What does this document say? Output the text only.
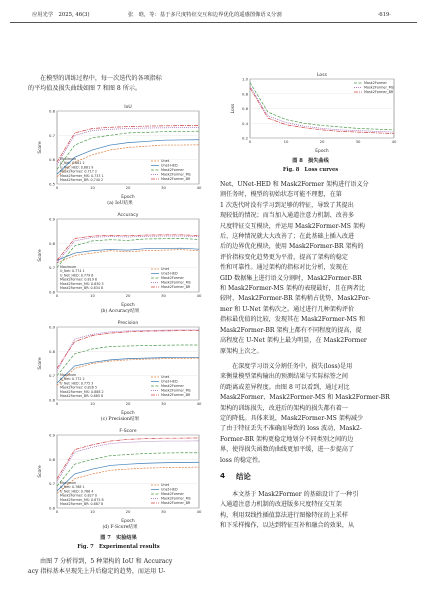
应用光学　2025, 46(3)	张　晗，等：基于多尺度特征交互和边界优化的遥感图像语义分割	·619·

在模型的训练过程中，每一次迭代的各项指标

的平均值及损失曲线如图 7 和图 8 所示。

IoU
0.5
0.6
0.7
0.8
0	10	20	30	40
Epoch
Score
Maximum
U_Net: 0.661 2
U_Net_HED: 0.681 9
Mask2Former: 0.717 2
Mask2Former_MS: 0.733 1
Mask2Former_BR: 0.740 2
Unet
Unet-HED
Mask2Former
Mask2Former_MS
Mask2Former_BR
(a) IoU结果
Accuracy
0.6
0.7
0.8
0.9
0	10	20	30	40
Epoch
Score
Maximum
U_Net: 0.774 1
U_Net_HED: 0.779 8
Mask2Former: 0.819 8
Mask2Former_MS: 0.830 3
Mask2Former_BR: 0.834 8
Unet
Unet-HED
Mask2Former
Mask2Former_MS
Mask2Former_BR
(b) Accuracy结果
Precision
0.6
0.7
0.8
0.9
0	10	20	30	40
Epoch
Score
Maximum
U_Net: 0.772 2
U_Net_HED: 0.775 3
Mask2Former: 0.826 5
Mask2Former_MS: 0.888 2
Mask2Former_BR: 0.885 8
Unet
Unet-HED
Mask2Former
Mask2Former_MS
Mask2Former_BR
(c) Precision结果
F-Score
0.6
0.7
0.8
0.9
0	10	20	30	40
Epoch
Score
Maximum
U_Net: 0.768 1
U_Net_HED: 0.788 4
Mask2Former: 0.827 0
Mask2Former_MS: 0.875 8
Mask2Former_BR: 0.887 8
Unet
Unet-HED
Mask2Former
Mask2Former_MS
Mask2Former_BR
(d) F-Score结果
图 7　实验结果
Fig. 7　Experimental results

由图 7 分析得到，5 种架构的 IoU 和 Accuracy

acy 指标基本呈现先上升后稳定的趋势，而运用 U-

Loss
0.2
0.4
0.6
0.8
1.0
0	10	20	30	40
Epoch
Loss
Mask2Former
Mask2Former_MS
Mask2Former_BR
图 8　损失曲线
Fig. 8　Loss curves

Net、UNet-HED 和 Mask2Former 架构进行语义分

割任务时，模型的初始状态可能不理想，在第

1 次迭代时没有学习到足够的特征，导致了其提出

现较低的情况；而当加入通道注意力机制、改善多

尺度特征交互模块，并运用 Mask2Former-MS 架构

后，这种情况就大大改善了；在此基础上插入改进

后的边界优化模块，使用 Mask2Former-BR 架构的

评价指标变化趋势更为平滑，提高了架构的稳定

性和可靠性。通过架构的指标对比分析，发现在

GID 数据集上进行语义分割时，Mask2Former-BR

和 Mask2Former-MS 架构的表现最好，且在两者比

较时，Mask2Former-BR 架构稍占优势，Mask2For-

mer 和 U-Net 架构次之。通过进行几种架构评价

指标最优值的比较，发现其在 Mask2Former-MS 和

Mask2Former-BR 架构上都有不同程度的提高，提

高程度在 U-Net 架构上最为明显，在 Mask2Former

原架构上次之。

在深度学习语义分割任务中，损失(loss)是用

来衡量模型架构输出的预测结果与实际标签之间

的距离或差异程度。由图 8 可以看到，通过对比

Mask2Former、Mask2Former-MS 和 Mask2Former-BR

架构的训练损失，改进后的架构的损失都有着一

定的降低。具体来说，Mask2Former-MS 架构减少

了由于特征丢失不准确而导致的 loss 波动，Mask2-

Former-BR 架构更稳定地划分不同类别之间的边

界，使得损失函数的曲线更加平缓，进一步提高了

loss 的稳定性。

4 结论

本文基于 Mask2Former 的基础设计了一种引

入通道注意力机制的改进版多尺度特征交互架

构，利用双线性插值算法进行图像特征的上采样

和下采样操作，以达到特征互补和融合的效果，从
